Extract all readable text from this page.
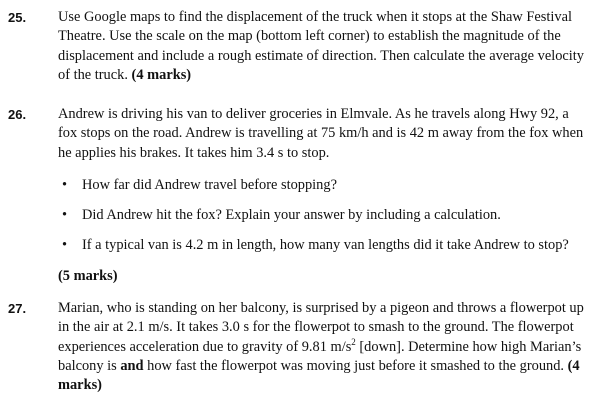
25. Use Google maps to find the displacement of the truck when it stops at the Shaw Festival Theatre. Use the scale on the map (bottom left corner) to establish the magnitude of the displacement and include a rough estimate of direction. Then calculate the average velocity of the truck. (4 marks)
26. Andrew is driving his van to deliver groceries in Elmvale. As he travels along Hwy 92, a fox stops on the road. Andrew is travelling at 75 km/h and is 42 m away from the fox when he applies his brakes. It takes him 3.4 s to stop.
• How far did Andrew travel before stopping?
• Did Andrew hit the fox? Explain your answer by including a calculation.
• If a typical van is 4.2 m in length, how many van lengths did it take Andrew to stop?
(5 marks)
27. Marian, who is standing on her balcony, is surprised by a pigeon and throws a flowerpot up in the air at 2.1 m/s. It takes 3.0 s for the flowerpot to smash to the ground. The flowerpot experiences acceleration due to gravity of 9.81 $m/s^2$ [down]. Determine how high Marian’s balcony is and how fast the flowerpot was moving just before it smashed to the ground. (4 marks)
